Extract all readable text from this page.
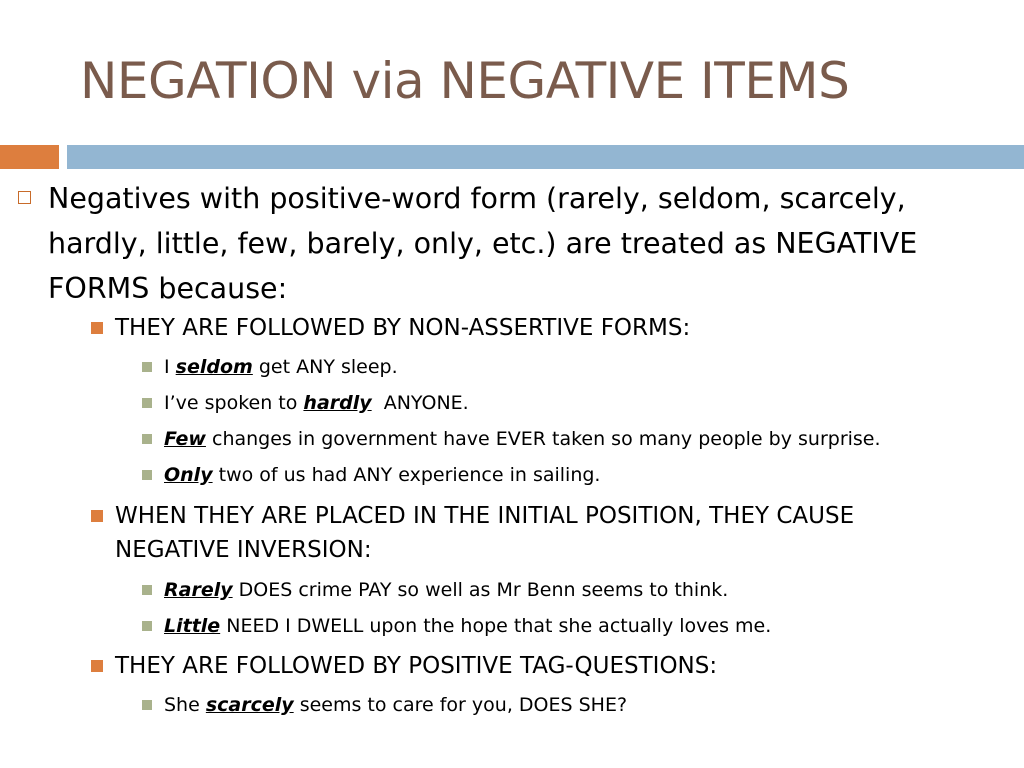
NEGATION via NEGATIVE ITEMS
Negatives with positive-word form (rarely, seldom, scarcely, hardly, little, few, barely, only, etc.) are treated as NEGATIVE FORMS because:
THEY ARE FOLLOWED BY NON-ASSERTIVE FORMS:
I seldom get ANY sleep.
I’ve spoken to hardly  ANYONE.
Few changes in government have EVER taken so many people by surprise.
Only two of us had ANY experience in sailing.
WHEN THEY ARE PLACED IN THE INITIAL POSITION, THEY CAUSE
NEGATIVE INVERSION:
Rarely DOES crime PAY so well as Mr Benn seems to think.
Little NEED I DWELL upon the hope that she actually loves me.
THEY ARE FOLLOWED BY POSITIVE TAG-QUESTIONS:
She scarcely seems to care for you, DOES SHE?
